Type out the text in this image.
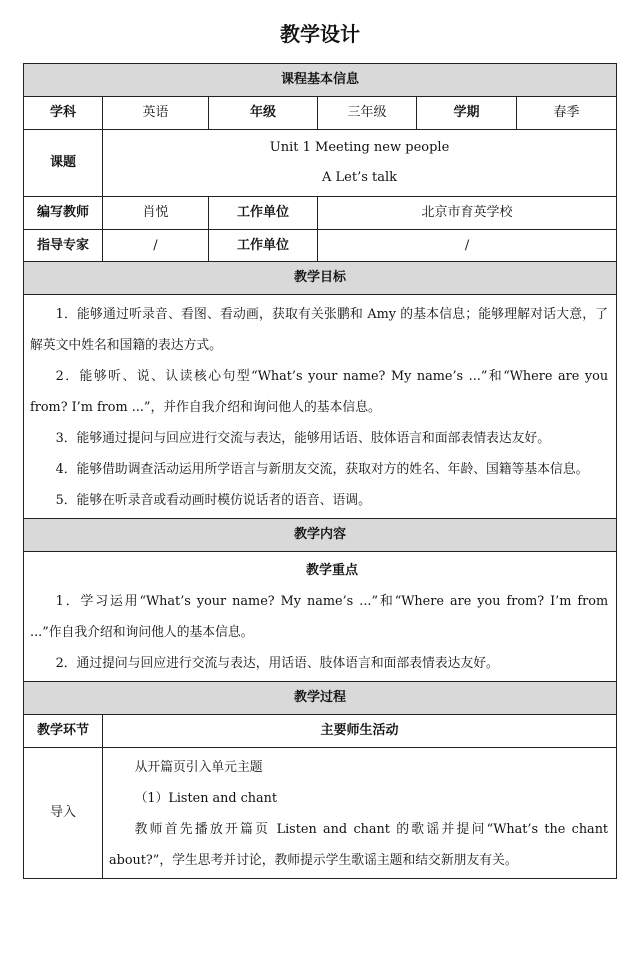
教学设计
课程基本信息					
学科	英语	年级	三年级	学期	春季
课题	Unit 1 Meeting new people
A Let’s talk				

编写教师	肖悦	工作单位	北京市育英学校		
指导专家	/	工作单位	/		
教学目标					

1．能够通过听录音、看图、看动画，获取有关张鹏和 Amy 的基本信息；能够理解对话大意，了解英文中姓名和国籍的表达方式。
2．能够听、说、认读核心句型“What’s your name? My name’s ...”和“Where are you from? I’m from ...”，并作自我介绍和询问他人的基本信息。
3．能够通过提问与回应进行交流与表达，能够用话语、肢体语言和面部表情表达友好。
4．能够借助调查活动运用所学语言与新朋友交流，获取对方的姓名、年龄、国籍等基本信息。
5．能够在听录音或看动画时模仿说话者的语音、语调。					

教学内容					

教学重点
1．学习运用“What’s your name? My name’s ...”和“Where are you from? I’m from ...”作自我介绍和询问他人的基本信息。
2．通过提问与回应进行交流与表达，用话语、肢体语言和面部表情表达友好。					

教学过程					
教学环节	主要师生活动				
导入	从开篇页引入单元主题
（1）Listen and chant
教师首先播放开篇页 Listen and chant 的歌谣并提问“What’s the chant about?”，学生思考并讨论，教师提示学生歌谣主题和结交新朋友有关。				
